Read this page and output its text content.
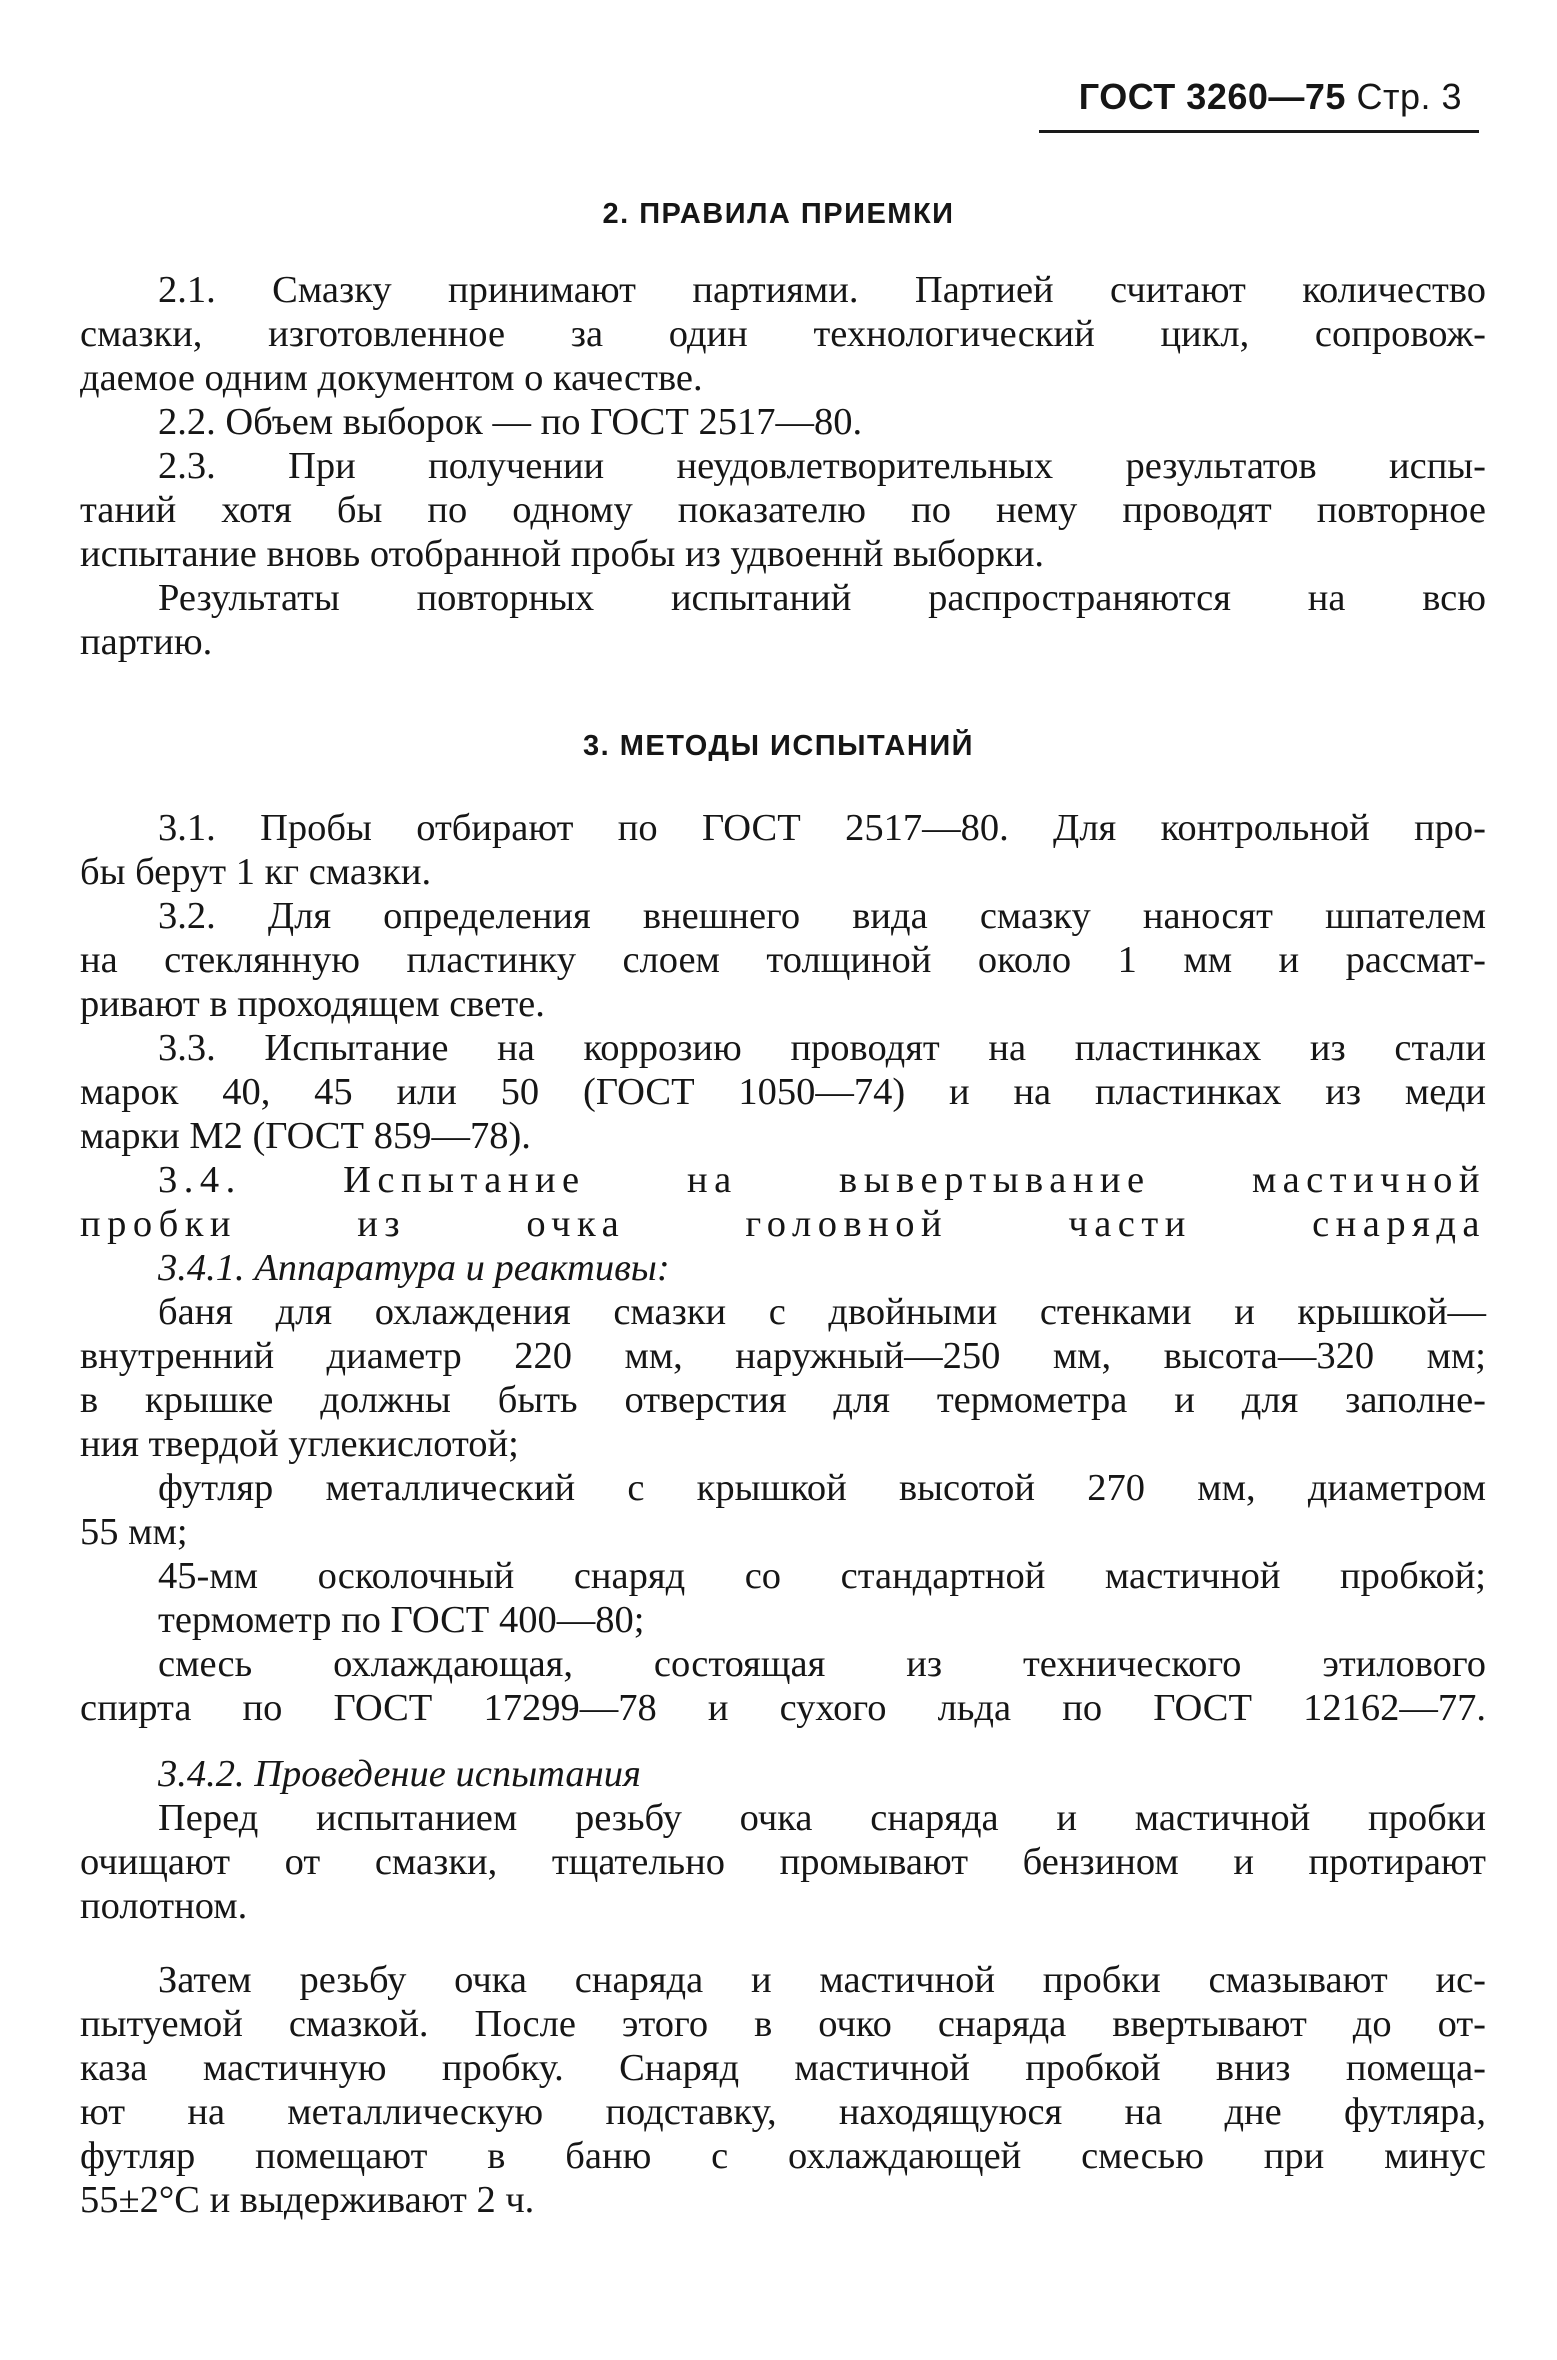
ГОСТ 3260—75 Стр. 3
2. ПРАВИЛА ПРИЕМКИ
2.1. Смазку принимают партиями. Партией считают количество
смазки, изготовленное за один технологический цикл, сопровож-
даемое одним документом о качестве.
2.2. Объем выборок — по ГОСТ 2517—80.
2.3. При получении неудовлетворительных результатов испы-
таний хотя бы по одному показателю по нему проводят повторное
испытание вновь отобранной пробы из удвоеннй выборки.
Результаты повторных испытаний распространяются на всю
партию.
3. МЕТОДЫ ИСПЫТАНИЙ
3.1. Пробы отбирают по ГОСТ 2517—80. Для контрольной про-
бы берут 1 кг смазки.
3.2. Для определения внешнего вида смазку наносят шпателем
на стеклянную пластинку слоем толщиной около 1 мм и рассмат-
ривают в проходящем свете.
3.3. Испытание на коррозию проводят на пластинках из стали
марок 40, 45 или 50 (ГОСТ 1050—74) и на пластинках из меди
марки М2 (ГОСТ 859—78).
3.4. Испытание на вывертывание мастичной
пробки из очка головной части снаряда
3.4.1. Аппаратура и реактивы:
баня для охлаждения смазки с двойными стенками и крышкой—
внутренний диаметр 220 мм, наружный—250 мм, высота—320 мм;
в крышке должны быть отверстия для термометра и для заполне-
ния твердой углекислотой;
футляр металлический с крышкой высотой 270 мм, диаметром
55 мм;
45-мм осколочный снаряд со стандартной мастичной пробкой;
термометр по ГОСТ 400—80;
смесь охлаждающая, состоящая из технического этилового
спирта по ГОСТ 17299—78 и сухого льда по ГОСТ 12162—77.
3.4.2. Проведение испытания
Перед испытанием резьбу очка снаряда и мастичной пробки
очищают от смазки, тщательно промывают бензином и протирают
полотном.
Затем резьбу очка снаряда и мастичной пробки смазывают ис-
пытуемой смазкой. После этого в очко снаряда ввертывают до от-
каза мастичную пробку. Снаряд мастичной пробкой вниз помеща-
ют на металлическую подставку, находящуюся на дне футляра,
футляр помещают в баню с охлаждающей смесью при минус
55±2°С и выдерживают 2 ч.
